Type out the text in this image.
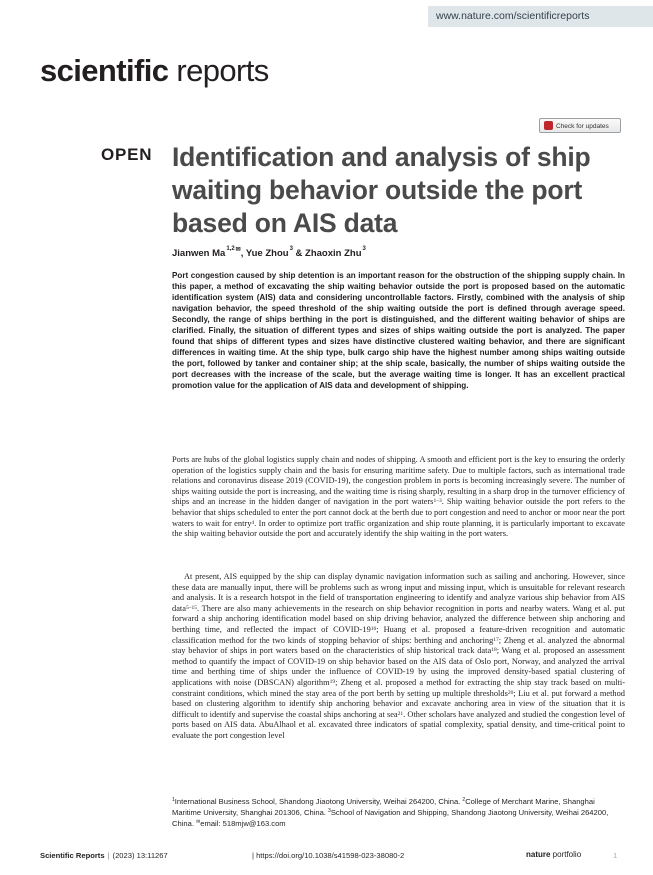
www.nature.com/scientificreports
scientific reports
Check for updates
OPEN Identification and analysis of ship waiting behavior outside the port based on AIS data
Jianwen $Ma^{1,2✉}$, Yue Zhou$^3$ & Zhaoxin Zhu$^3$

Port congestion caused by ship detention is an important reason for the obstruction of the shipping supply chain. In this paper, a method of excavating the ship waiting behavior outside the port is proposed based on the automatic identification system (AIS) data and considering uncontrollable factors. Firstly, combined with the analysis of ship navigation behavior, the speed threshold of the ship waiting outside the port is defined through average speed. Secondly, the range of ships berthing in the port is distinguished, and the different waiting behavior of ships are clarified. Finally, the situation of different types and sizes of ships waiting outside the port is analyzed. The paper found that ships of different types and sizes have distinctive clustered waiting behavior, and there are significant differences in waiting time. At the ship type, bulk cargo ship have the highest number among ships waiting outside the port, followed by tanker and container ship; at the ship scale, basically, the number of ships waiting outside the port decreases with the increase of the scale, but the average waiting time is longer. It has an excellent practical promotion value for the application of AIS data and development of shipping.

Ports are hubs of the global logistics supply chain and nodes of shipping. A smooth and efficient port is the key to ensuring the orderly operation of the logistics supply chain and the basis for ensuring maritime safety. Due to multiple factors, such as international trade relations and coronavirus disease 2019 (COVID-19), the congestion problem in ports is becoming increasingly severe. The number of ships waiting outside the port is increasing, and the waiting time is rising sharply, resulting in a sharp drop in the turnover efficiency of ships and an increase in the hidden danger of navigation in the port waters$^{1-3}$. Ship waiting behavior outside the port refers to the behavior that ships scheduled to enter the port cannot dock at the berth due to port congestion and need to anchor or moor near the port waters to wait for entry$^4$. In order to optimize port traffic organization and ship route planning, it is particularly important to excavate the ship waiting behavior outside the port and accurately identify the ship waiting in the port waters.

At present, AIS equipped by the ship can display dynamic navigation information such as sailing and anchoring. However, since these data are manually input, there will be problems such as wrong input and missing input, which is unsuitable for relevant research and analysis. It is a research hotspot in the field of transportation engineering to identify and analyze various ship behavior from AIS data$^{5-15}$. There are also many achievements in the research on ship behavior recognition in ports and nearby waters. Wang et al. put forward a ship anchoring identification model based on ship driving behavior, analyzed the difference between ship anchoring and berthing time, and reflected the impact of COVID-$19^{16}$; Huang et al. proposed a feature-driven recognition and automatic classification method for the two kinds of stopping behavior of ships: berthing and anchoring$^{17}$; Zheng et al. analyzed the abnormal stay behavior of ships in port waters based on the characteristics of ship historical track data$^{18}$; Wang et al. proposed an assessment method to quantify the impact of COVID-19 on ship behavior based on the AIS data of Oslo port, Norway, and analyzed the arrival time and berthing time of ships under the influence of COVID-19 by using the improved density-based spatial clustering of applications with noise (DBSCAN) algorithm$^{19}$; Zheng et al. proposed a method for extracting the ship stay track based on multi-constraint conditions, which mined the stay area of the port berth by setting up multiple thresholds$^{20}$; Liu et al. put forward a method based on clustering algorithm to identify ship anchoring behavior and excavate anchoring area in view of the situation that it is difficult to identify and supervise the coastal ships anchoring at sea$^{21}$. Other scholars have analyzed and studied the congestion level of ports based on AIS data. AbuAlhaol et al. excavated three indicators of spatial complexity, spatial density, and time-critical point to evaluate the port congestion level

$^1$International Business School, Shandong Jiaotong University, Weihai 264200, China. $^2$College of Merchant Marine, Shanghai Maritime University, Shanghai 201306, China. $^3$School of Navigation and Shipping, Shandong Jiaotong University, Weihai 264200, China. ✉email: 518mjw@163.com

Scientific Reports | (2023) 13:11267	| https://doi.org/10.1038/s41598-023-38080-2	nature portfolio	1
